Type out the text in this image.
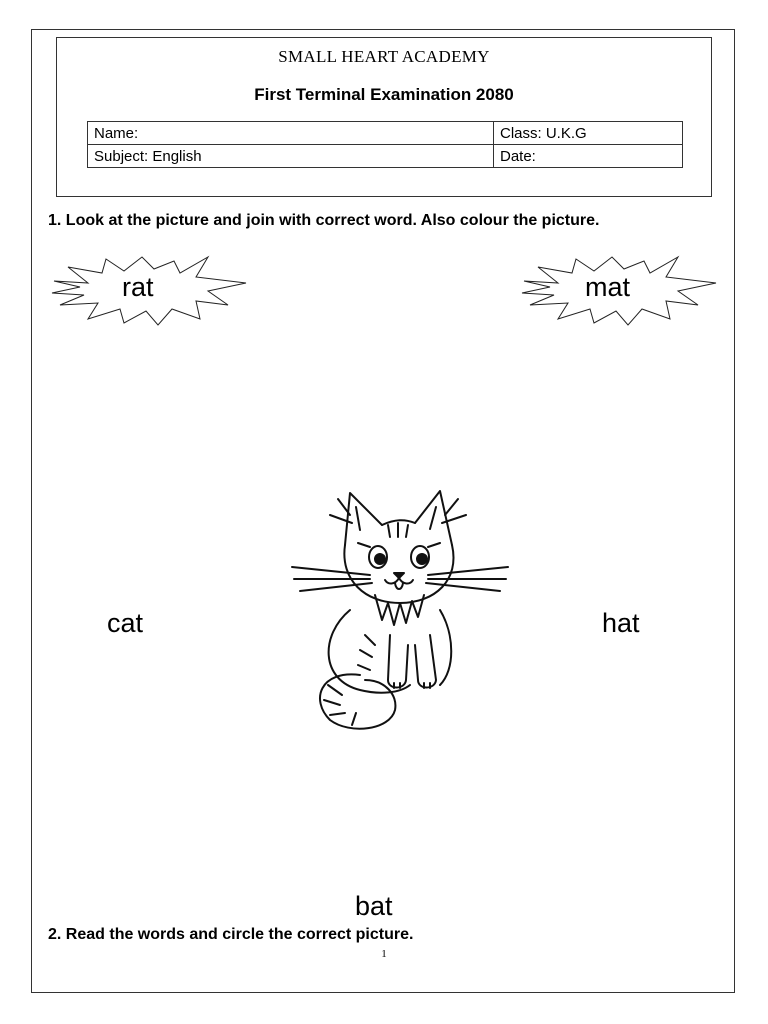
SMALL HEART ACADEMY
First Terminal Examination 2080
Name:	Class: U.K.G
Subject: English	Date:
1. Look at the picture and join with correct word. Also colour the picture.
rat	mat
cat	hat
bat
2. Read the words and circle the correct picture.
1
